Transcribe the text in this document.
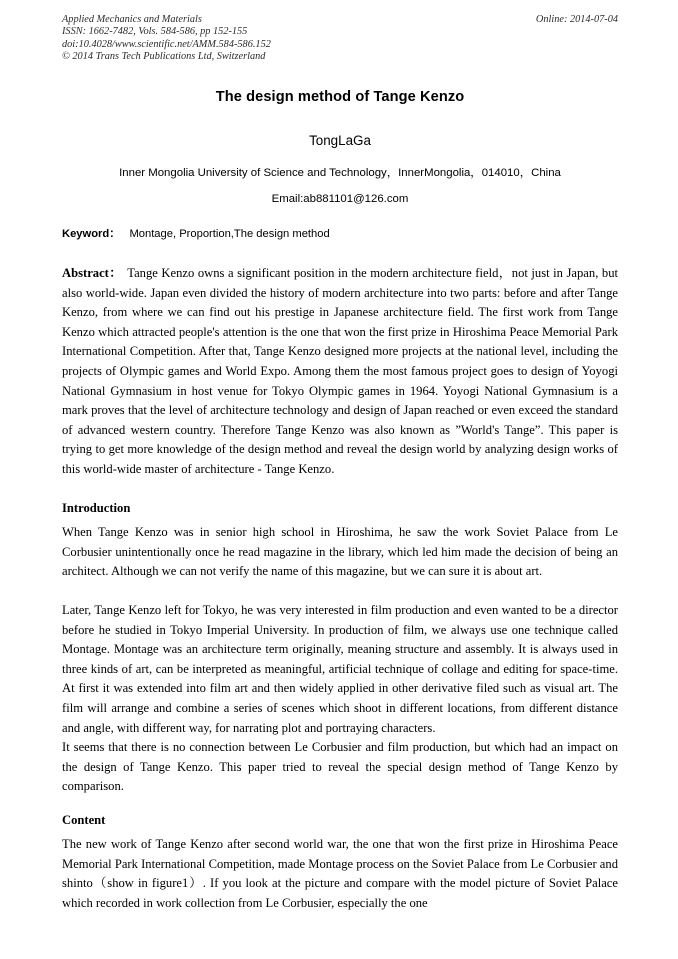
Applied Mechanics and Materials
ISSN: 1662-7482, Vols. 584-586, pp 152-155
doi:10.4028/www.scientific.net/AMM.584-586.152
© 2014 Trans Tech Publications Ltd, Switzerland
Online: 2014-07-04
The design method of Tange Kenzo
TongLaGa
Inner Mongolia University of Science and Technology，InnerMongolia，014010，China
Email:ab881101@126.com
Keyword： Montage, Proportion,The design method
Abstract： Tange Kenzo owns a significant position in the modern architecture field，not just in Japan, but also world-wide. Japan even divided the history of modern architecture into two parts: before and after Tange Kenzo, from where we can find out his prestige in Japanese architecture field. The first work from Tange Kenzo which attracted people's attention is the one that won the first prize in Hiroshima Peace Memorial Park International Competition. After that, Tange Kenzo designed more projects at the national level, including the projects of Olympic games and World Expo. Among them the most famous project goes to design of Yoyogi National Gymnasium in host venue for Tokyo Olympic games in 1964. Yoyogi National Gymnasium is a mark proves that the level of architecture technology and design of Japan reached or even exceed the standard of advanced western country. Therefore Tange Kenzo was also known as ”World's Tange”. This paper is trying to get more knowledge of the design method and reveal the design world by analyzing design works of this world-wide master of architecture - Tange Kenzo.
Introduction
When Tange Kenzo was in senior high school in Hiroshima, he saw the work Soviet Palace from Le Corbusier unintentionally once he read magazine in the library, which led him made the decision of being an architect. Although we can not verify the name of this magazine, but we can sure it is about art.
Later, Tange Kenzo left for Tokyo, he was very interested in film production and even wanted to be a director before he studied in Tokyo Imperial University. In production of film, we always use one technique called Montage. Montage was an architecture term originally, meaning structure and assembly. It is always used in three kinds of art, can be interpreted as meaningful, artificial technique of collage and editing for space-time. At first it was extended into film art and then widely applied in other derivative filed such as visual art. The film will arrange and combine a series of scenes which shoot in different locations, from different distance and angle, with different way, for narrating plot and portraying characters.
It seems that there is no connection between Le Corbusier and film production, but which had an impact on the design of Tange Kenzo. This paper tried to reveal the special design method of Tange Kenzo by comparison.
Content
The new work of Tange Kenzo after second world war, the one that won the first prize in Hiroshima Peace Memorial Park International Competition, made Montage process on the Soviet Palace from Le Corbusier and shinto（show in figure1）. If you look at the picture and compare with the model picture of Soviet Palace which recorded in work collection from Le Corbusier, especially the one
